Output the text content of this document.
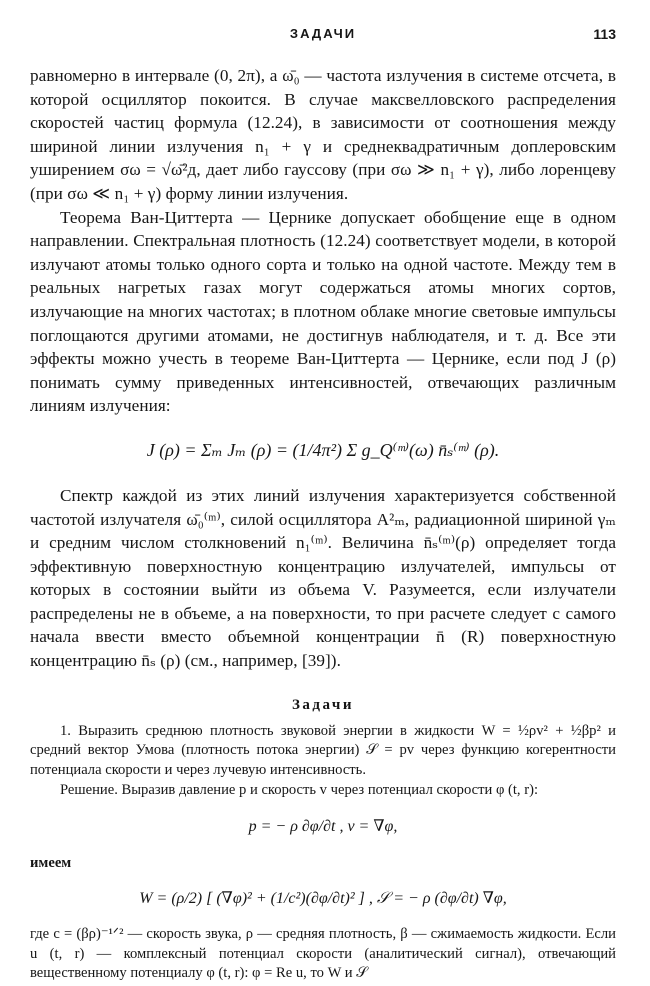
ЗАДАЧИ	113

равномерно в интервале (0, 2π), а ω̄₀ — частота излучения в системе отсчета, в которой осциллятор покоится. В случае максвелловского распределения скоростей частиц формула (12.24), в зависимости от соотношения между шириной линии излучения n₁ + γ и среднеквадратичным доплеровским уширением σω = √ω̄²д, дает либо гауссову (при σω ≫ n₁ + γ), либо лоренцеву (при σω ≪ n₁ + γ) форму линии излучения.

Теорема Ван-Циттерта — Цернике допускает обобщение еще в одном направлении. Спектральная плотность (12.24) соответствует модели, в которой излучают атомы только одного сорта и только на одной частоте. Между тем в реальных нагретых газах могут содержаться атомы многих сортов, излучающие на многих частотах; в плотном облаке многие световые импульсы поглощаются другими атомами, не достигнув наблюдателя, и т. д. Все эти эффекты можно учесть в теореме Ван-Циттерта — Цернике, если под J (ρ) понимать сумму приведенных интенсивностей, отвечающих различным линиям излучения:

J (ρ) = Σₘ Jₘ (ρ) = (1/4π²) Σ g_Q⁽ᵐ⁾(ω) n̄ₛ⁽ᵐ⁾ (ρ).

Спектр каждой из этих линий излучения характеризуется собственной частотой излучателя ω̄₀⁽ᵐ⁾, силой осциллятора A²ₘ, радиационной шириной γₘ и средним числом столкновений n₁⁽ᵐ⁾. Величина n̄ₛ⁽ᵐ⁾(ρ) определяет тогда эффективную поверхностную концентрацию излучателей, импульсы от которых в состоянии выйти из объема V. Разумеется, если излучатели распределены не в объеме, а на поверхности, то при расчете следует с самого начала ввести вместо объемной концентрации n̄ (R) поверхностную концентрацию n̄ₛ (ρ) (см., например, [39]).

Задачи

1. Выразить среднюю плотность звуковой энергии в жидкости W = ½ρv² + ½βp² и средний вектор Умова (плотность потока энергии) 𝒮 = pv через функцию когерентности потенциала скорости и через лучевую интенсивность.

Решение. Выразив давление p и скорость v через потенциал скорости φ (t, r):

p = − ρ ∂φ/∂t , v = ∇φ,

имеем

W = (ρ/2) [ (∇φ)² + (1/c²)(∂φ/∂t)² ] , 𝒮 = − ρ (∂φ/∂t) ∇φ,

где c = (βρ)⁻¹ᐟ² — скорость звука, ρ — средняя плотность, β — сжимаемость жидкости. Если u (t, r) — комплексный потенциал скорости (аналитический сигнал), отвечающий вещественному потенциалу φ (t, r): φ = Re u, то W и 𝒮
